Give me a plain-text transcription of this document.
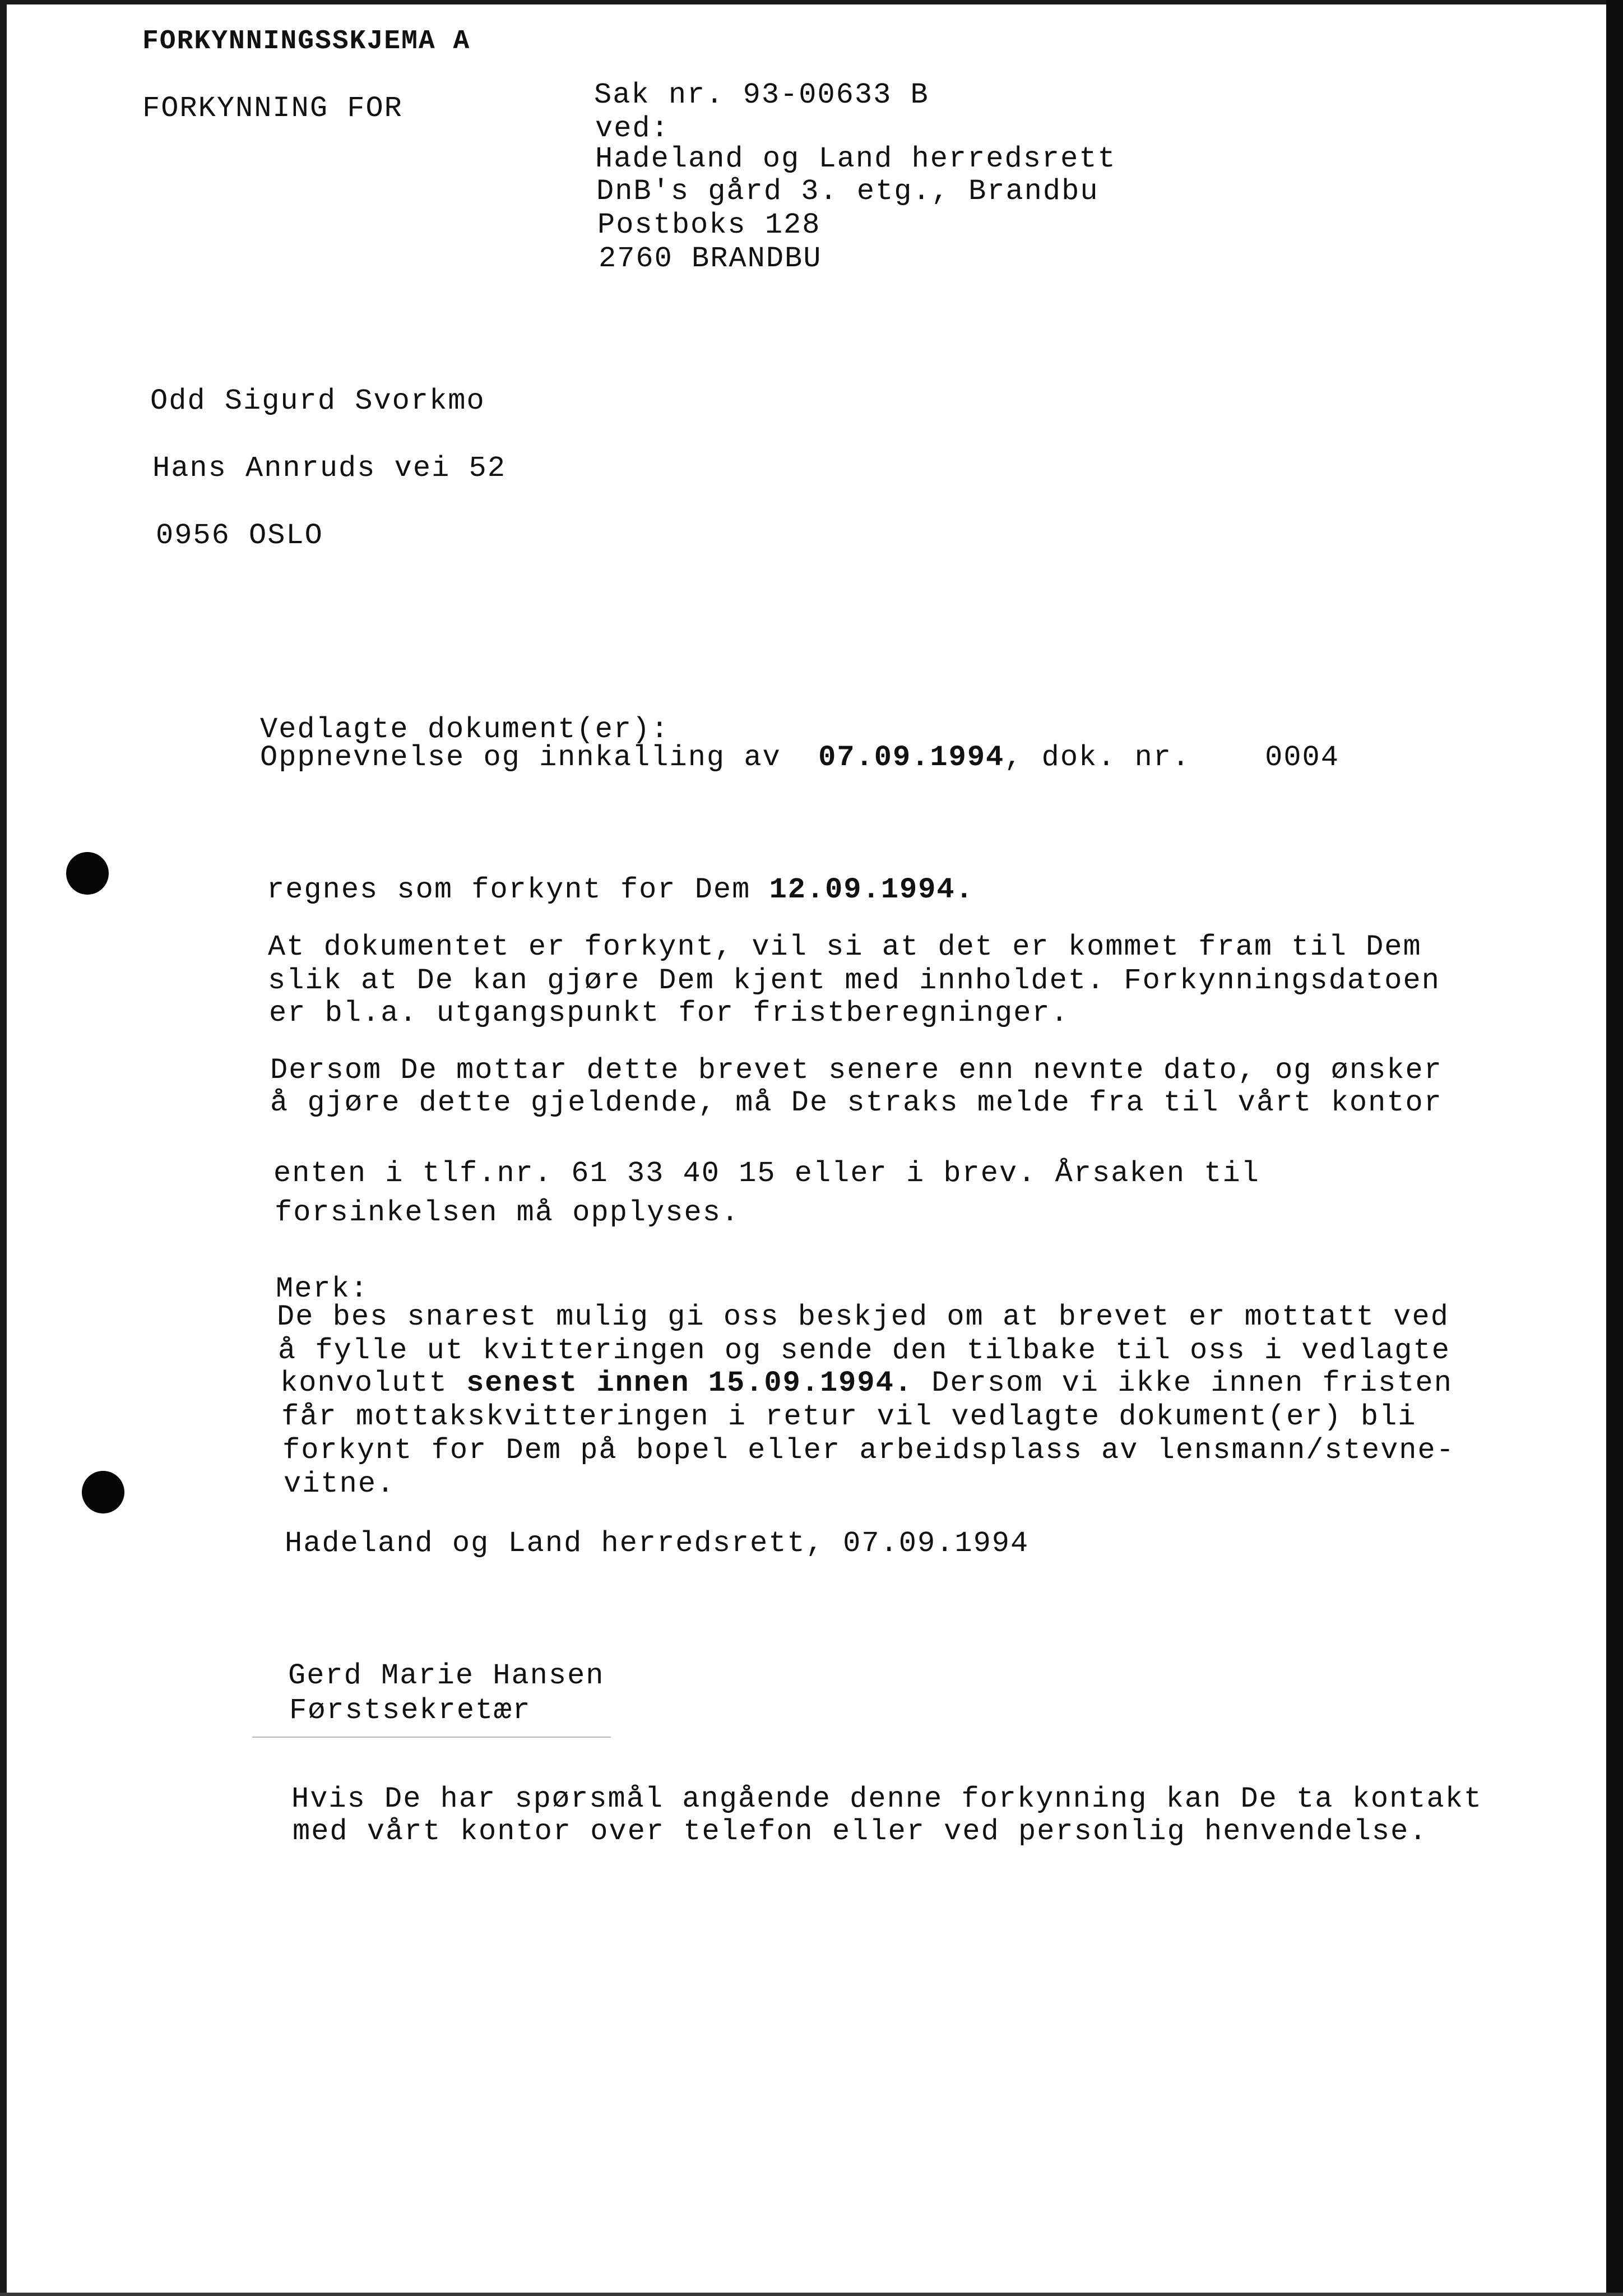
FORKYNNINGSSKJEMA A
FORKYNNING FOR	Sak nr. 93-00633 B
ved:
Hadeland og Land herredsrett
DnB's gård 3. etg., Brandbu
Postboks 128
2760 BRANDBU
Odd Sigurd Svorkmo
Hans Annruds vei 52
0956 OSLO
Vedlagte dokument(er):
Oppnevnelse og innkalling av 07.09.1994, dok. nr.	0004
regnes som forkynt for Dem 12.09.1994.
At dokumentet er forkynt, vil si at det er kommet fram til Dem
slik at De kan gjøre Dem kjent med innholdet. Forkynningsdatoen
er bl.a. utgangspunkt for fristberegninger.
Dersom De mottar dette brevet senere enn nevnte dato, og ønsker
å gjøre dette gjeldende, må De straks melde fra til vårt kontor
enten i tlf.nr. 61 33 40 15 eller i brev. Årsaken til
forsinkelsen må opplyses.
Merk:
De bes snarest mulig gi oss beskjed om at brevet er mottatt ved
å fylle ut kvitteringen og sende den tilbake til oss i vedlagte
konvolutt senest innen 15.09.1994. Dersom vi ikke innen fristen
får mottakskvitteringen i retur vil vedlagte dokument(er) bli
forkynt for Dem på bopel eller arbeidsplass av lensmann/stevne-
vitne.
Hadeland og Land herredsrett, 07.09.1994
Gerd Marie Hansen
Førstsekretær
Hvis De har spørsmål angående denne forkynning kan De ta kontakt
med vårt kontor over telefon eller ved personlig henvendelse.
